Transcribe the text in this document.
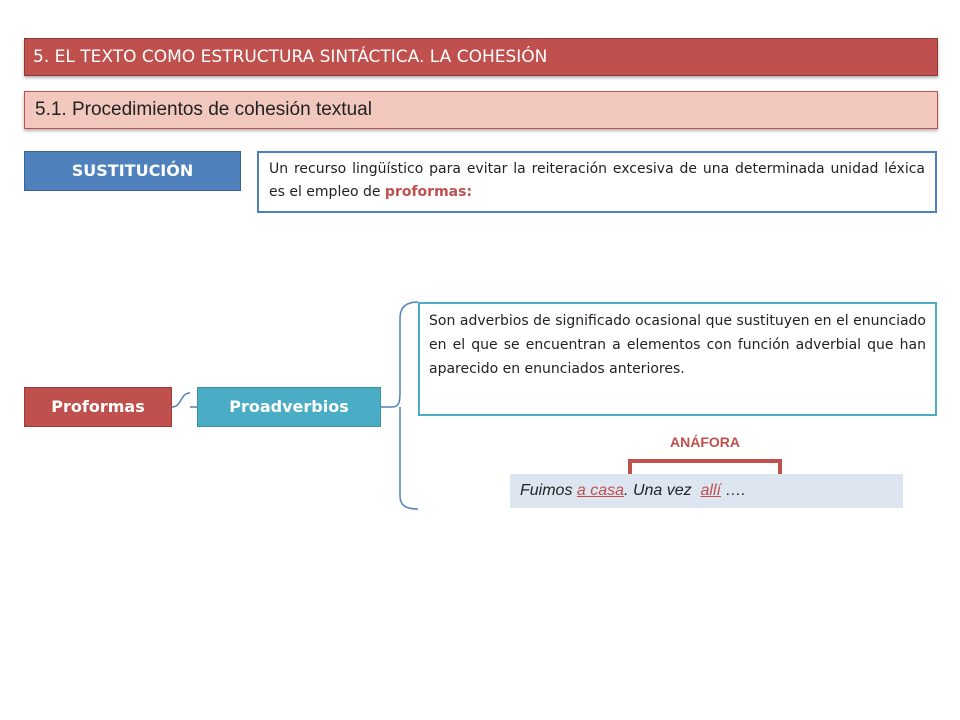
5. EL TEXTO COMO ESTRUCTURA SINTÁCTICA. LA COHESIÓN
5.1. Procedimientos de cohesión textual
SUSTITUCIÓN	Un recurso lingüístico para evitar la reiteración excesiva de una determinada unidad léxica es el empleo de proformas:
Proformas	Proadverbios
Son adverbios de significado ocasional que sustituyen en el enunciado en el que se encuentran a elementos con función adverbial que han aparecido en enunciados anteriores.
ANÁFORA
Fuimos a casa. Una vez  allí ….
